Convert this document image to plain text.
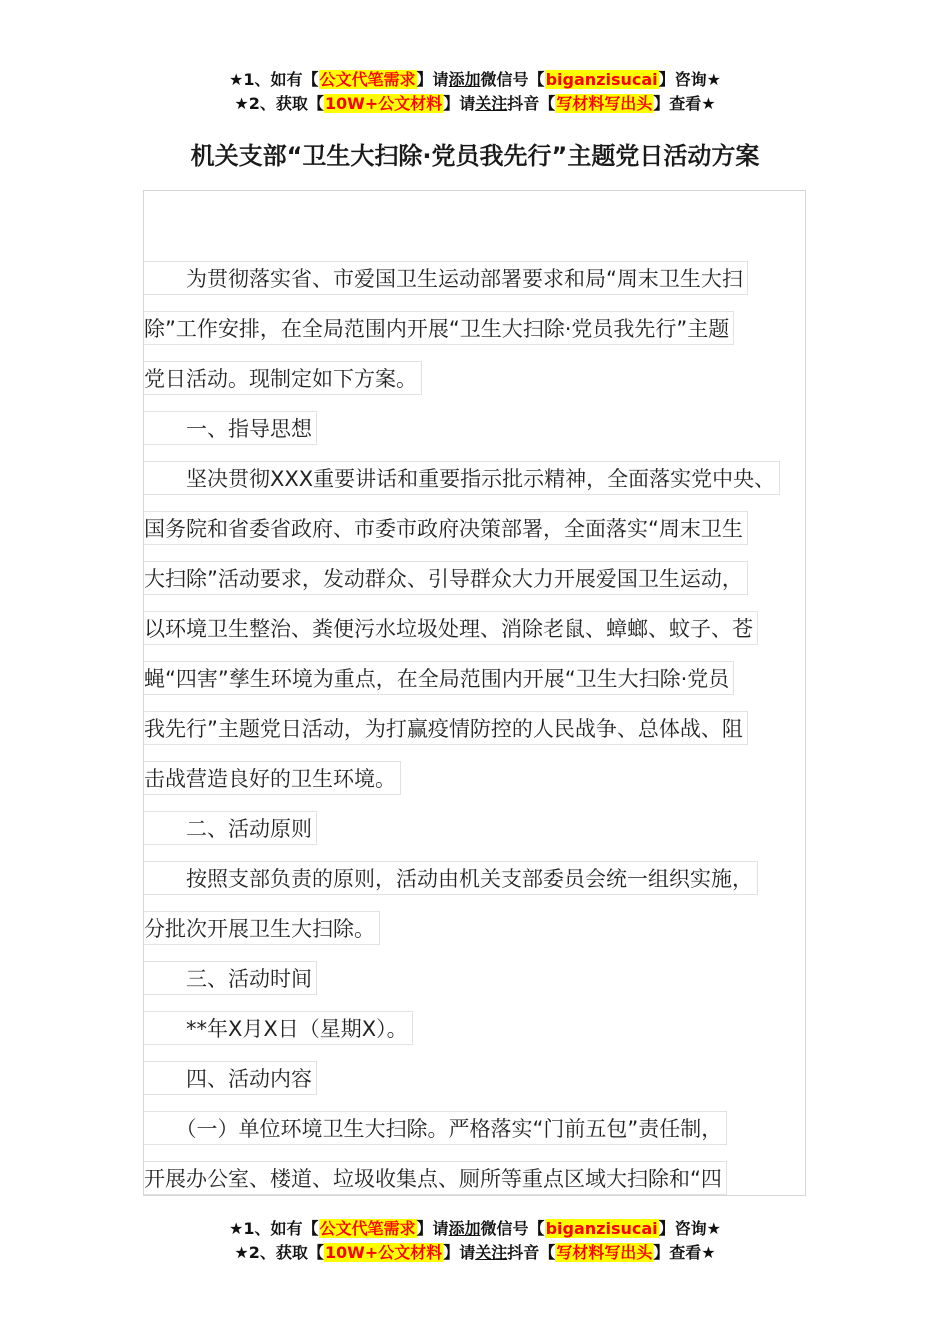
★1、如有【公文代笔需求】请添加微信号【biganzisucai】咨询★
★2、获取【10W+公文材料】请关注抖音【写材料写出头】查看★
机关支部“卫生大扫除·党员我先行”主题党日活动方案
　　为贯彻落实省、市爱国卫生运动部署要求和局“周末卫生大扫
除”工作安排，在全局范围内开展“卫生大扫除·党员我先行”主题
党日活动。现制定如下方案。
　　一、指导思想
　　坚决贯彻XXX重要讲话和重要指示批示精神，全面落实党中央、
国务院和省委省政府、市委市政府决策部署，全面落实“周末卫生
大扫除”活动要求，发动群众、引导群众大力开展爱国卫生运动，
以环境卫生整治、粪便污水垃圾处理、消除老鼠、蟑螂、蚊子、苍
蝇“四害”孳生环境为重点，在全局范围内开展“卫生大扫除·党员
我先行”主题党日活动，为打赢疫情防控的人民战争、总体战、阻
击战营造良好的卫生环境。
　　二、活动原则
　　按照支部负责的原则，活动由机关支部委员会统一组织实施，
分批次开展卫生大扫除。
　　三、活动时间
　　**年X月X日（星期X）。
　　四、活动内容
　　（一）单位环境卫生大扫除。严格落实“门前五包”责任制，
开展办公室、楼道、垃圾收集点、厕所等重点区域大扫除和“四
★1、如有【公文代笔需求】请添加微信号【biganzisucai】咨询★
★2、获取【10W+公文材料】请关注抖音【写材料写出头】查看★
